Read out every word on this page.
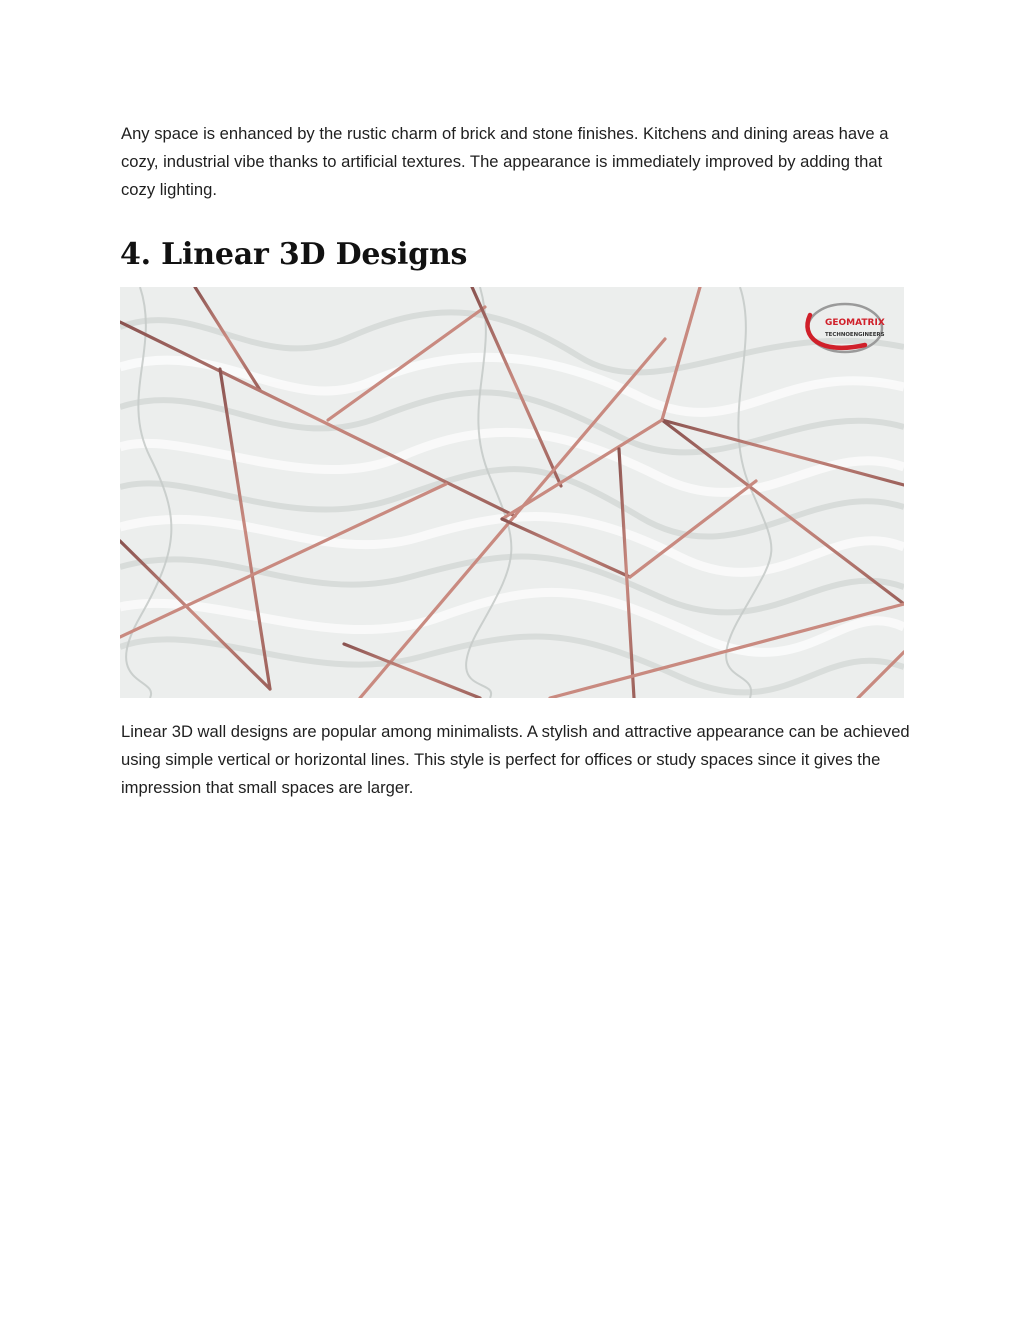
Any space is enhanced by the rustic charm of brick and stone finishes. Kitchens and dining areas have a cozy, industrial vibe thanks to artificial textures. The appearance is immediately improved by adding that cozy lighting.

4. Linear 3D Designs
GEOMATRIX
TECHNOENGINEERS

Linear 3D wall designs are popular among minimalists. A stylish and attractive appearance can be achieved using simple vertical or horizontal lines. This style is perfect for offices or study spaces since it gives the impression that small spaces are larger.
